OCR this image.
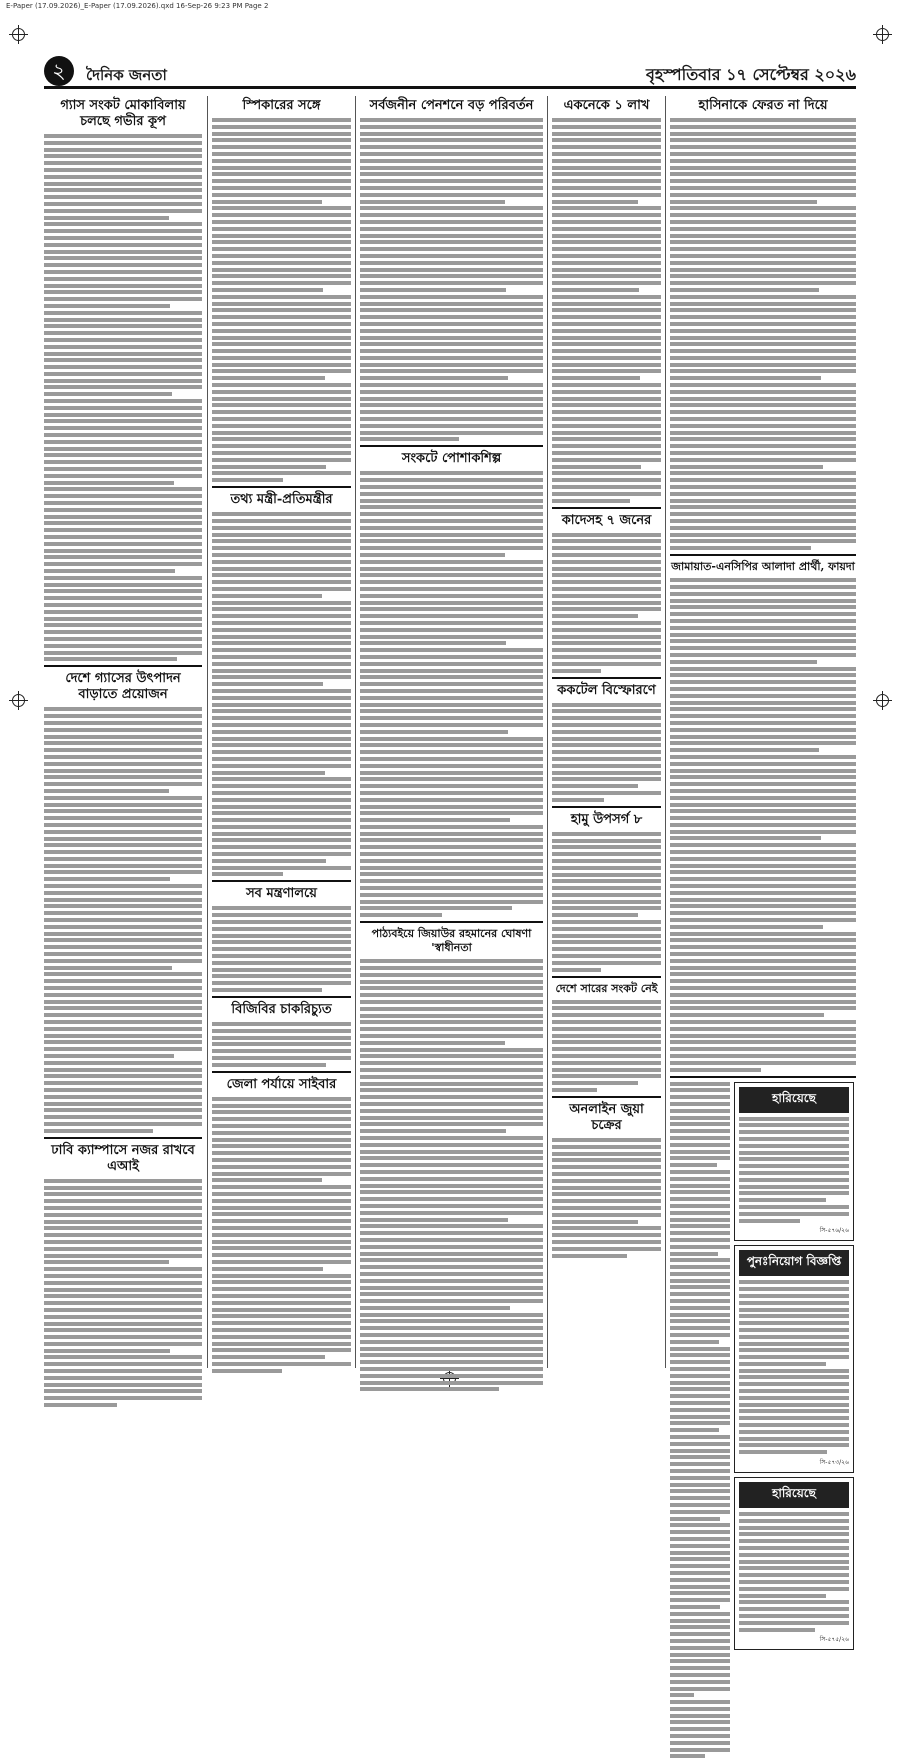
E-Paper (17.09.2026)_E-Paper (17.09.2026).qxd 16-Sep-26 9:23 PM Page 2
২	দৈনিক জনতা	বৃহস্পতিবার ১৭ সেপ্টেম্বর ২০২৬
গ্যাস সংকট মোকাবিলায় চলছে গভীর কূপ
দেশে গ্যাসের উৎপাদন বাড়াতে প্রয়োজন
ঢাবি ক্যাম্পাসে নজর রাখবে এআই
স্পিকারের সঙ্গে
তথ্য মন্ত্রী-প্রতিমন্ত্রীর
সব মন্ত্রণালয়ে
বিজিবির চাকরিচ্যুত
জেলা পর্যায়ে সাইবার
সর্বজনীন পেনশনে বড় পরিবর্তন
সংকটে পোশাকশিল্প
পাঠ্যবইয়ে জিয়াউর রহমানের ঘোষণা 'স্বাধীনতা
একনেকে ১ লাখ
কাদেসহ ৭ জনের
ককটেল বিস্ফোরণে
হামু উপসর্গ ৮
দেশে সারের সংকট নেই
অনলাইন জুয়া চক্রের
হাসিনাকে ফেরত না দিয়ে
জামায়াত-এনসিপির আলাদা প্রার্থী, ফায়দা
হারিয়েছে
সি-৫৭৬/২৬
পুনঃনিয়োগ বিজ্ঞপ্তি
সি-৫৭৩/২৬
হারিয়েছে
সি-৫৭৫/২৬
